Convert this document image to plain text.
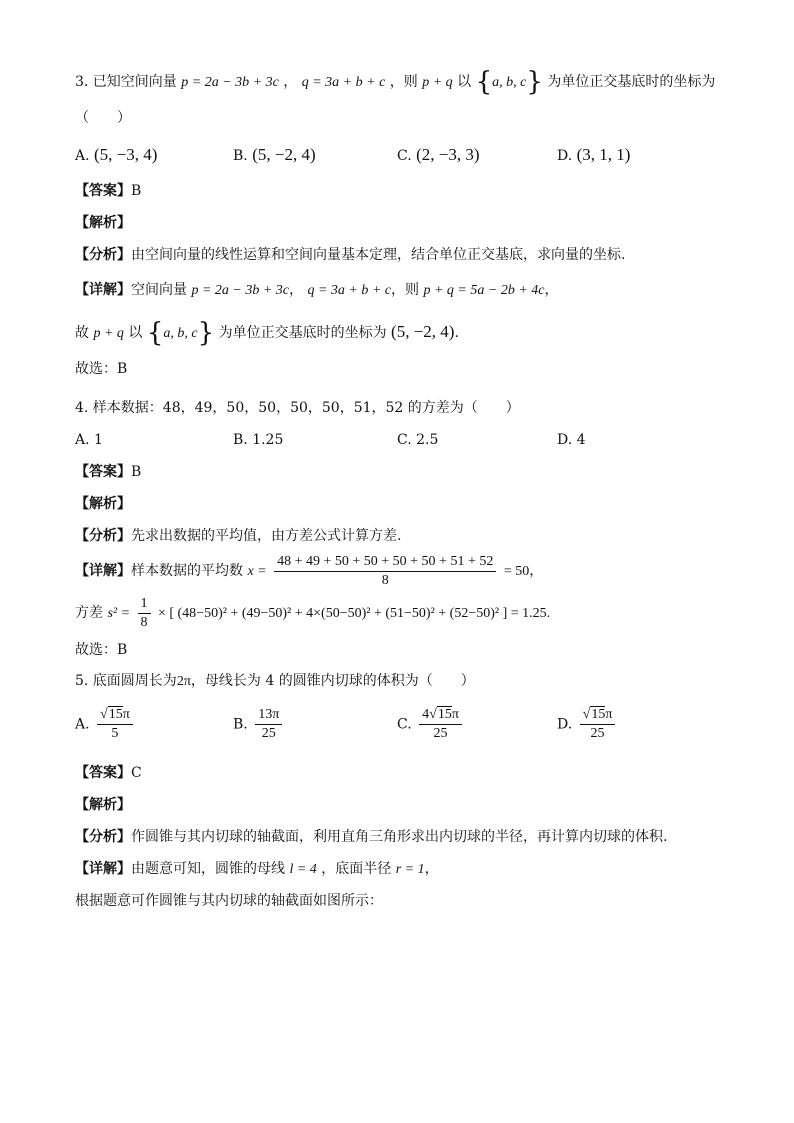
3. 已知空间向量 p = 2a − 3b + 3c ， q = 3a + b + c ，则 p + q 以 {a, b, c} 为单位正交基底时的坐标为
（　　）
A. (5, −3, 4)	B. (5, −2, 4)	C. (2, −3, 3)	D. (3, 1, 1)
【答案】B
【解析】
【分析】由空间向量的线性运算和空间向量基本定理，结合单位正交基底，求向量的坐标.
【详解】空间向量 p = 2a − 3b + 3c， q = 3a + b + c，则 p + q = 5a − 2b + 4c，
故 p + q 以 {a, b, c} 为单位正交基底时的坐标为 (5, −2, 4).
故选：B
4. 样本数据：48，49，50，50，50，50，51，52 的方差为（　　）
A. 1	B. 1.25	C. 2.5	D. 4
【答案】B
【解析】
【分析】先求出数据的平均值，由方差公式计算方差.
【详解】样本数据的平均数 $x = \frac{48 + 49 + 50 + 50 + 50 + 50 + 51 + 52}{8} = 50$，
方差 $s^2 = \frac{1}{8}$ × [ (48−50)² + (49−50)² + 4×(50−50)² + (51−50)² + (52−50)² ] = 1.25.
故选：B
5. 底面圆周长为2π，母线长为 4 的圆锥内切球的体积为（　　）
A. $\frac{√15\pi}{5}$	B. $\frac{13\pi}{25}$	C. $\frac{4√15\pi}{25}$	D. $\frac{√15\pi}{25}$
【答案】C
【解析】
【分析】作圆锥与其内切球的轴截面，利用直角三角形求出内切球的半径，再计算内切球的体积.
【详解】由题意可知，圆锥的母线 l = 4 ，底面半径 r = 1，
根据题意可作圆锥与其内切球的轴截面如图所示：
